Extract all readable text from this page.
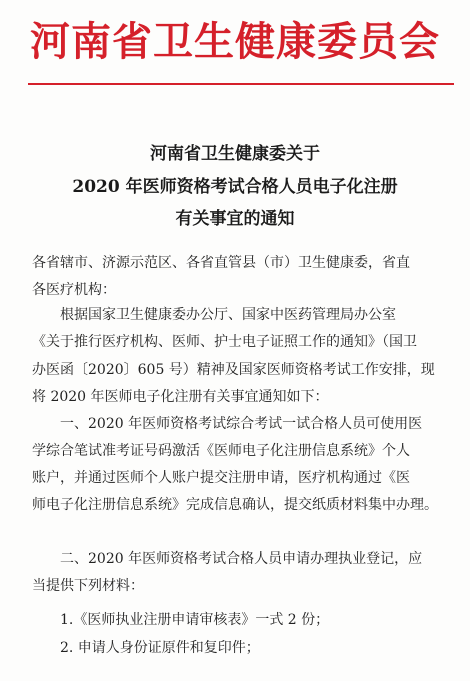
河南省卫生健康委员会
河南省卫生健康委关于
2020 年医师资格考试合格人员电子化注册
有关事宜的通知
各省辖市、济源示范区、各省直管县（市）卫生健康委，省直
各医疗机构：
根据国家卫生健康委办公厅、国家中医药管理局办公室
《关于推行医疗机构、医师、护士电子证照工作的通知》（国卫
办医函〔2020〕605 号）精神及国家医师资格考试工作安排，现
将 2020 年医师电子化注册有关事宜通知如下：
一、2020 年医师资格考试综合考试一试合格人员可使用医
学综合笔试准考证号码激活《医师电子化注册信息系统》个人
账户，并通过医师个人账户提交注册申请，医疗机构通过《医
师电子化注册信息系统》完成信息确认，提交纸质材料集中办理。
二、2020 年医师资格考试合格人员申请办理执业登记，应
当提供下列材料：
1.《医师执业注册申请审核表》一式 2 份；
2. 申请人身份证原件和复印件；
